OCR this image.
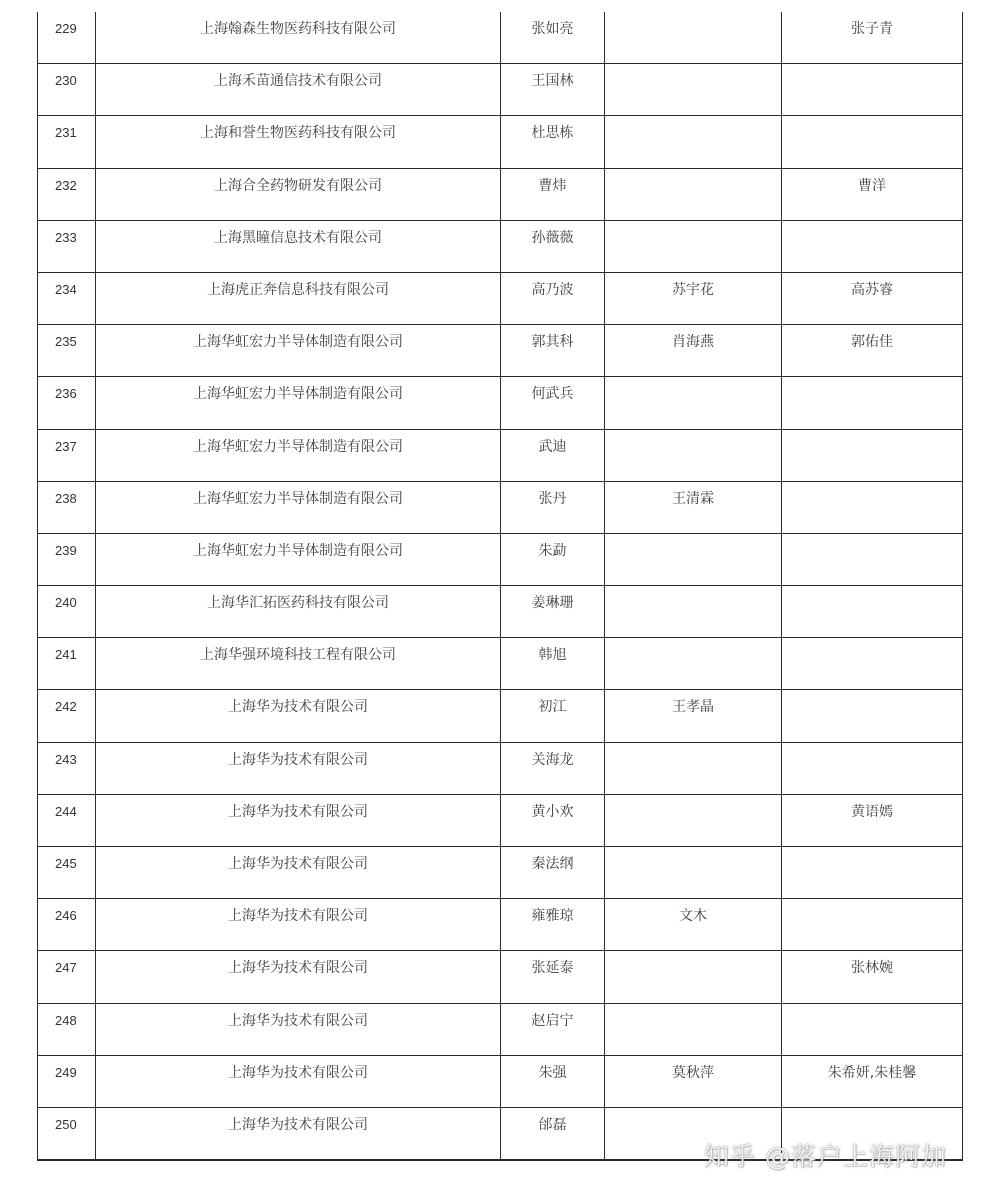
229	上海翰森生物医药科技有限公司	张如亮		张子青

230	上海禾苗通信技术有限公司	王国林		

231	上海和誉生物医药科技有限公司	杜思栋		

232	上海合全药物研发有限公司	曹炜		曹洋

233	上海黑瞳信息技术有限公司	孙薇薇		

234	上海虎正奔信息科技有限公司	高乃波	苏宇花	高苏睿

235	上海华虹宏力半导体制造有限公司	郭其科	肖海燕	郭佑佳

236	上海华虹宏力半导体制造有限公司	何武兵		

237	上海华虹宏力半导体制造有限公司	武迪		

238	上海华虹宏力半导体制造有限公司	张丹	王清霖	

239	上海华虹宏力半导体制造有限公司	朱勐		

240	上海华汇拓医药科技有限公司	姜琳珊		

241	上海华强环境科技工程有限公司	韩旭		

242	上海华为技术有限公司	初江	王孝晶	

243	上海华为技术有限公司	关海龙		

244	上海华为技术有限公司	黄小欢		黄语嫣

245	上海华为技术有限公司	秦法纲		

246	上海华为技术有限公司	雍雅琼	文木	

247	上海华为技术有限公司	张延泰		张林婉

248	上海华为技术有限公司	赵启宁		

249	上海华为技术有限公司	朱强	莫秋萍	朱希妍,朱桂馨

250	上海华为技术有限公司	邰磊		

知乎 @落户上海阿加
